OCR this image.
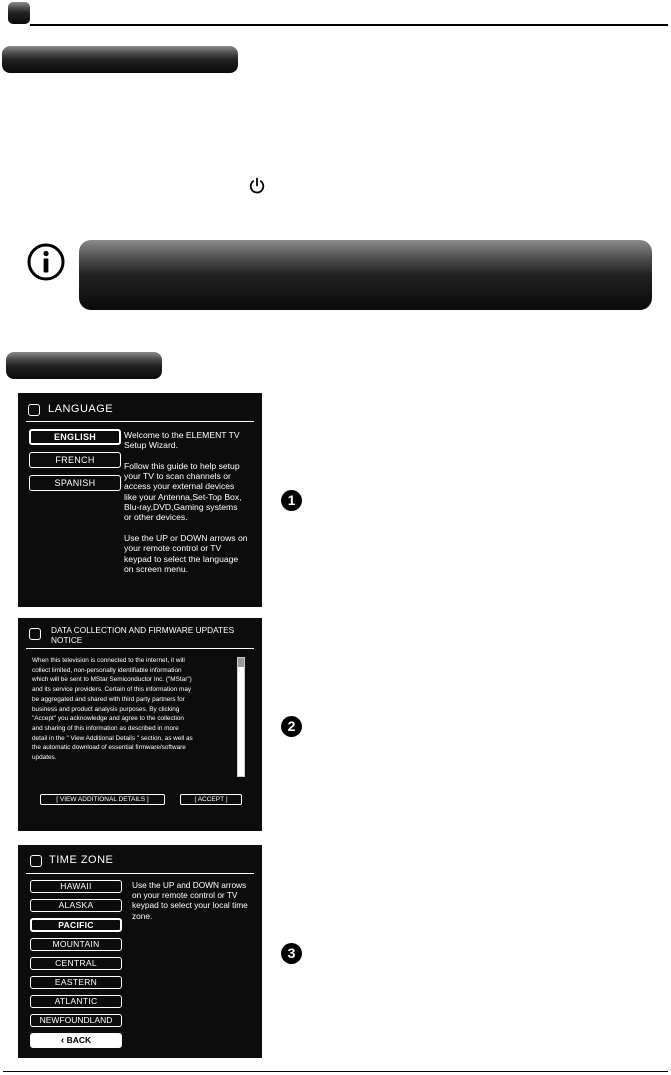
LANGUAGE
ENGLISH
FRENCH
SPANISH
Welcome to the ELEMENT TV
Setup Wizard.

Follow this guide to help setup
your TV to scan channels or
access your external devices
like your Antenna,Set-Top Box,
Blu-ray,DVD,Gaming systems
or other devices.

Use the UP or DOWN arrows on
your remote control or TV
keypad to select the language
on screen menu.
1
DATA COLLECTION AND FIRMWARE UPDATES
NOTICE
When this television is connected to the internet, it will
collect limited, non-personally identifiable information
which will be sent to MStar Semiconductor Inc. ("MStar")
and its service providers. Certain of this information may
be aggregated and shared with third party partners for
business and product analysis purposes. By clicking
"Accept" you acknowledge and agree to the collection
and sharing of this information as described in more
detail in the " View Additional Details " section, as well as
the automatic download of essential firmware/software
updates.
[ VIEW ADDITIONAL DETAILS ]	[ ACCEPT ]
2
TIME ZONE
HAWAII
ALASKA
PACIFIC
MOUNTAIN
CENTRAL
EASTERN
ATLANTIC
NEWFOUNDLAND
‹ BACK
Use the UP and DOWN arrows
on your remote control or TV
keypad to select your local time
zone.
3
